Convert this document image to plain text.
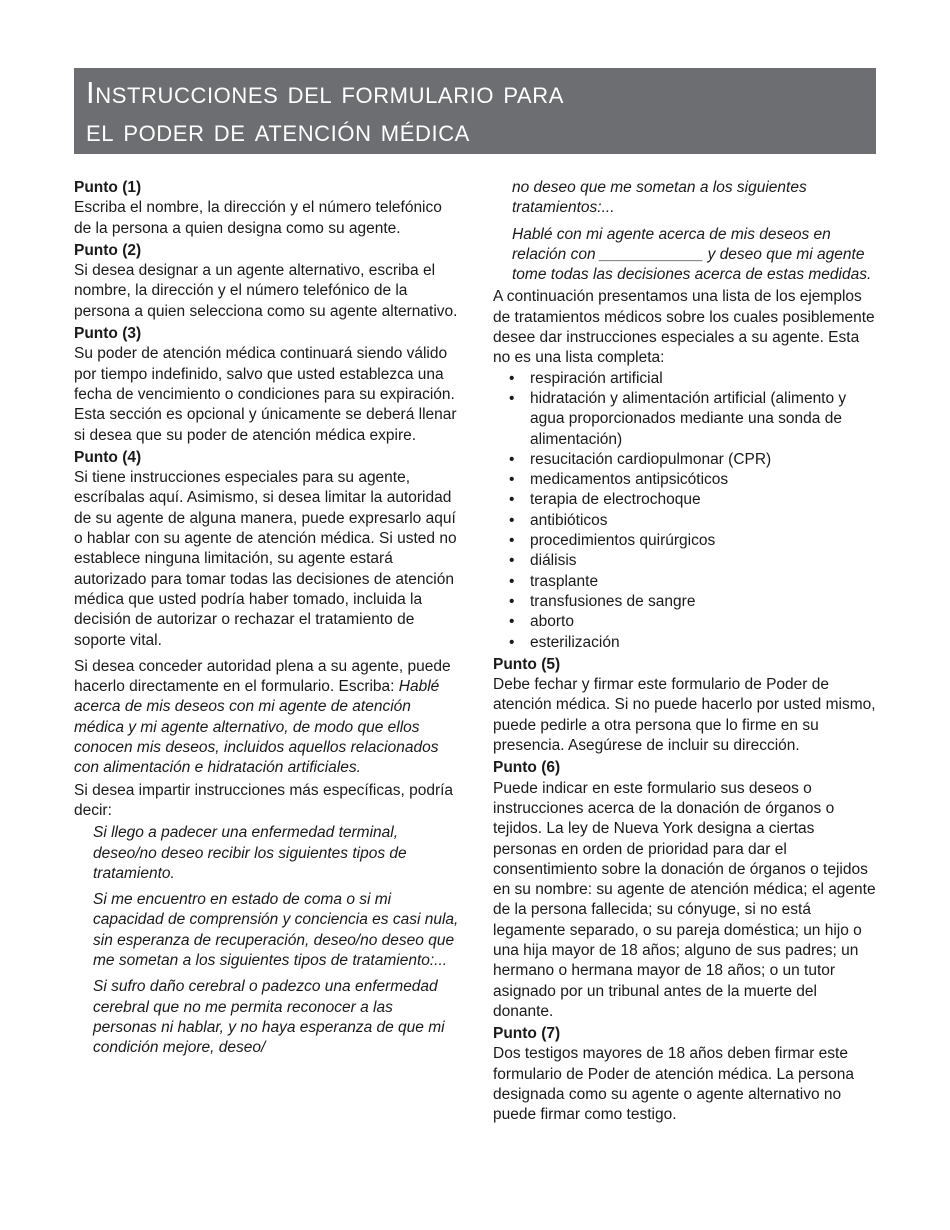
Instrucciones del formulario para
el poder de atención médica

Punto (1)

Escriba el nombre, la dirección y el número telefónico de la persona a quien designa como su agente.

Punto (2)

Si desea designar a un agente alternativo, escriba el nombre, la dirección y el número telefónico de la persona a quien selecciona como su agente alternativo.

Punto (3)

Su poder de atención médica continuará siendo válido por tiempo indefinido, salvo que usted establezca una fecha de vencimiento o condiciones para su expiración. Esta sección es opcional y únicamente se deberá llenar si desea que su poder de atención médica expire.

Punto (4)

Si tiene instrucciones especiales para su agente, escríbalas aquí. Asimismo, si desea limitar la autoridad de su agente de alguna manera, puede expresarlo aquí o hablar con su agente de atención médica. Si usted no establece ninguna limitación, su agente estará autorizado para tomar todas las decisiones de atención médica que usted podría haber tomado, incluida la decisión de autorizar o rechazar el tratamiento de soporte vital.

Si desea conceder autoridad plena a su agente, puede hacerlo directamente en el formulario. Escriba: Hablé acerca de mis deseos con mi agente de atención médica y mi agente alternativo, de modo que ellos conocen mis deseos, incluidos aquellos relacionados con alimentación e hidratación artificiales.

Si desea impartir instrucciones más específicas, podría decir:

Si llego a padecer una enfermedad terminal, deseo/no deseo recibir los siguientes tipos de tratamiento.

Si me encuentro en estado de coma o si mi capacidad de comprensión y conciencia es casi nula, sin esperanza de recuperación, deseo/no deseo que me sometan a los siguientes tipos de tratamiento:...

Si sufro daño cerebral o padezco una enfermedad cerebral que no me permita reconocer a las personas ni hablar, y no haya esperanza de que mi condición mejore, deseo/

no deseo que me sometan a los siguientes tratamientos:...

Hablé con mi agente acerca de mis deseos en relación con ____________ y deseo que mi agente tome todas las decisiones acerca de estas medidas.

A continuación presentamos una lista de los ejemplos de tratamientos médicos sobre los cuales posiblemente desee dar instrucciones especiales a su agente. Esta no es una lista completa:

• respiración artificial
• hidratación y alimentación artificial (alimento y agua proporcionados mediante una sonda de alimentación)
• resucitación cardiopulmonar (CPR)
• medicamentos antipsicóticos
• terapia de electrochoque
• antibióticos
• procedimientos quirúrgicos
• diálisis
• trasplante
• transfusiones de sangre
• aborto
• esterilización

Punto (5)

Debe fechar y firmar este formulario de Poder de atención médica. Si no puede hacerlo por usted mismo, puede pedirle a otra persona que lo firme en su presencia. Asegúrese de incluir su dirección.

Punto (6)

Puede indicar en este formulario sus deseos o instrucciones acerca de la donación de órganos o tejidos. La ley de Nueva York designa a ciertas personas en orden de prioridad para dar el consentimiento sobre la donación de órganos o tejidos en su nombre: su agente de atención médica; el agente de la persona fallecida; su cónyuge, si no está legamente separado, o su pareja doméstica; un hijo o una hija mayor de 18 años; alguno de sus padres; un hermano o hermana mayor de 18 años; o un tutor asignado por un tribunal antes de la muerte del donante.

Punto (7)

Dos testigos mayores de 18 años deben firmar este formulario de Poder de atención médica. La persona designada como su agente o agente alternativo no puede firmar como testigo.
